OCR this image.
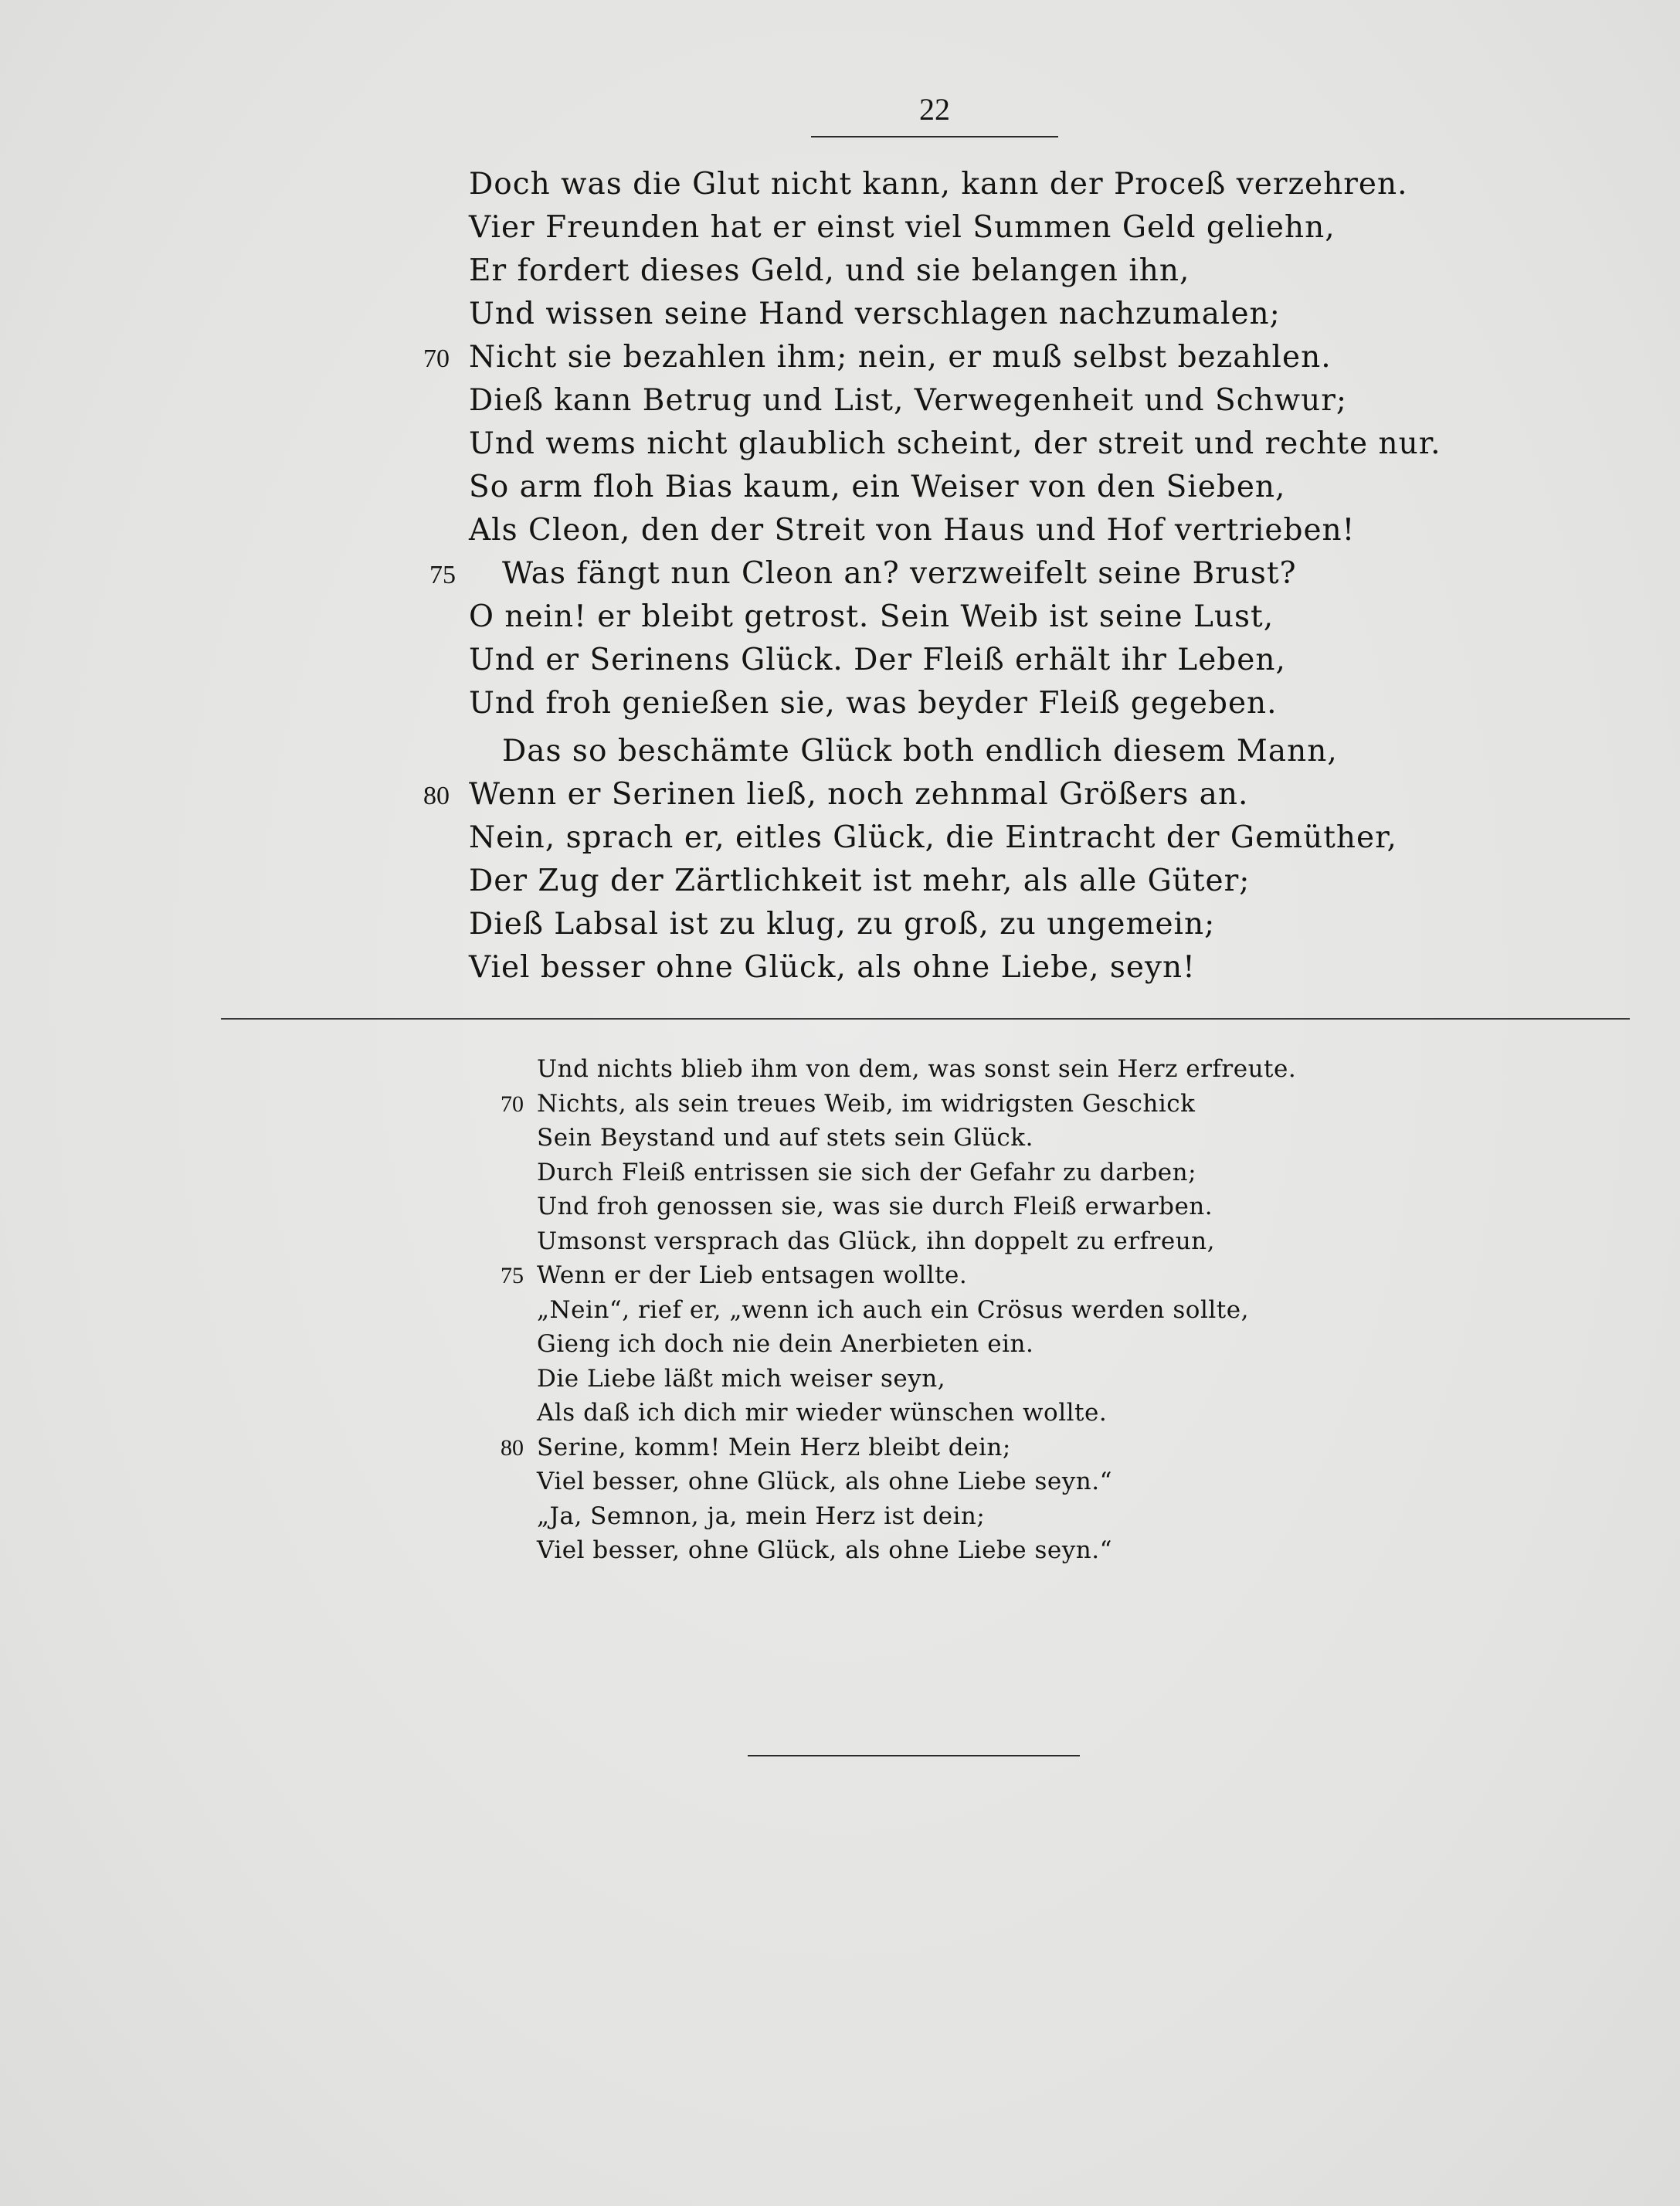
22
Doch was die Glut nicht kann, kann der Proceß verzehren.
Vier Freunden hat er einst viel Summen Geld geliehn,
Er fordert dieses Geld, und sie belangen ihn,
Und wissen seine Hand verschlagen nachzumalen;
Nicht sie bezahlen ihm; nein, er muß selbst bezahlen.
70
Dieß kann Betrug und List, Verwegenheit und Schwur;
Und wems nicht glaublich scheint, der streit und rechte nur.
So arm floh Bias kaum, ein Weiser von den Sieben,
Als Cleon, den der Streit von Haus und Hof vertrieben!
Was fängt nun Cleon an? verzweifelt seine Brust?
75
O nein! er bleibt getrost. Sein Weib ist seine Lust,
Und er Serinens Glück. Der Fleiß erhält ihr Leben,
Und froh genießen sie, was beyder Fleiß gegeben.
Das so beschämte Glück both endlich diesem Mann,
Wenn er Serinen ließ, noch zehnmal Größers an.
80
Nein, sprach er, eitles Glück, die Eintracht der Gemüther,
Der Zug der Zärtlichkeit ist mehr, als alle Güter;
Dieß Labsal ist zu klug, zu groß, zu ungemein;
Viel besser ohne Glück, als ohne Liebe, seyn!
Und nichts blieb ihm von dem, was sonst sein Herz erfreute.
Nichts, als sein treues Weib, im widrigsten Geschick
70
Sein Beystand und auf stets sein Glück.
Durch Fleiß entrissen sie sich der Gefahr zu darben;
Und froh genossen sie, was sie durch Fleiß erwarben.
Umsonst versprach das Glück, ihn doppelt zu erfreun,
Wenn er der Lieb entsagen wollte.
75
„Nein“, rief er, „wenn ich auch ein Crösus werden sollte,
Gieng ich doch nie dein Anerbieten ein.
Die Liebe läßt mich weiser seyn,
Als daß ich dich mir wieder wünschen wollte.
Serine, komm! Mein Herz bleibt dein;
80
Viel besser, ohne Glück, als ohne Liebe seyn.“
„Ja, Semnon, ja, mein Herz ist dein;
Viel besser, ohne Glück, als ohne Liebe seyn.“
